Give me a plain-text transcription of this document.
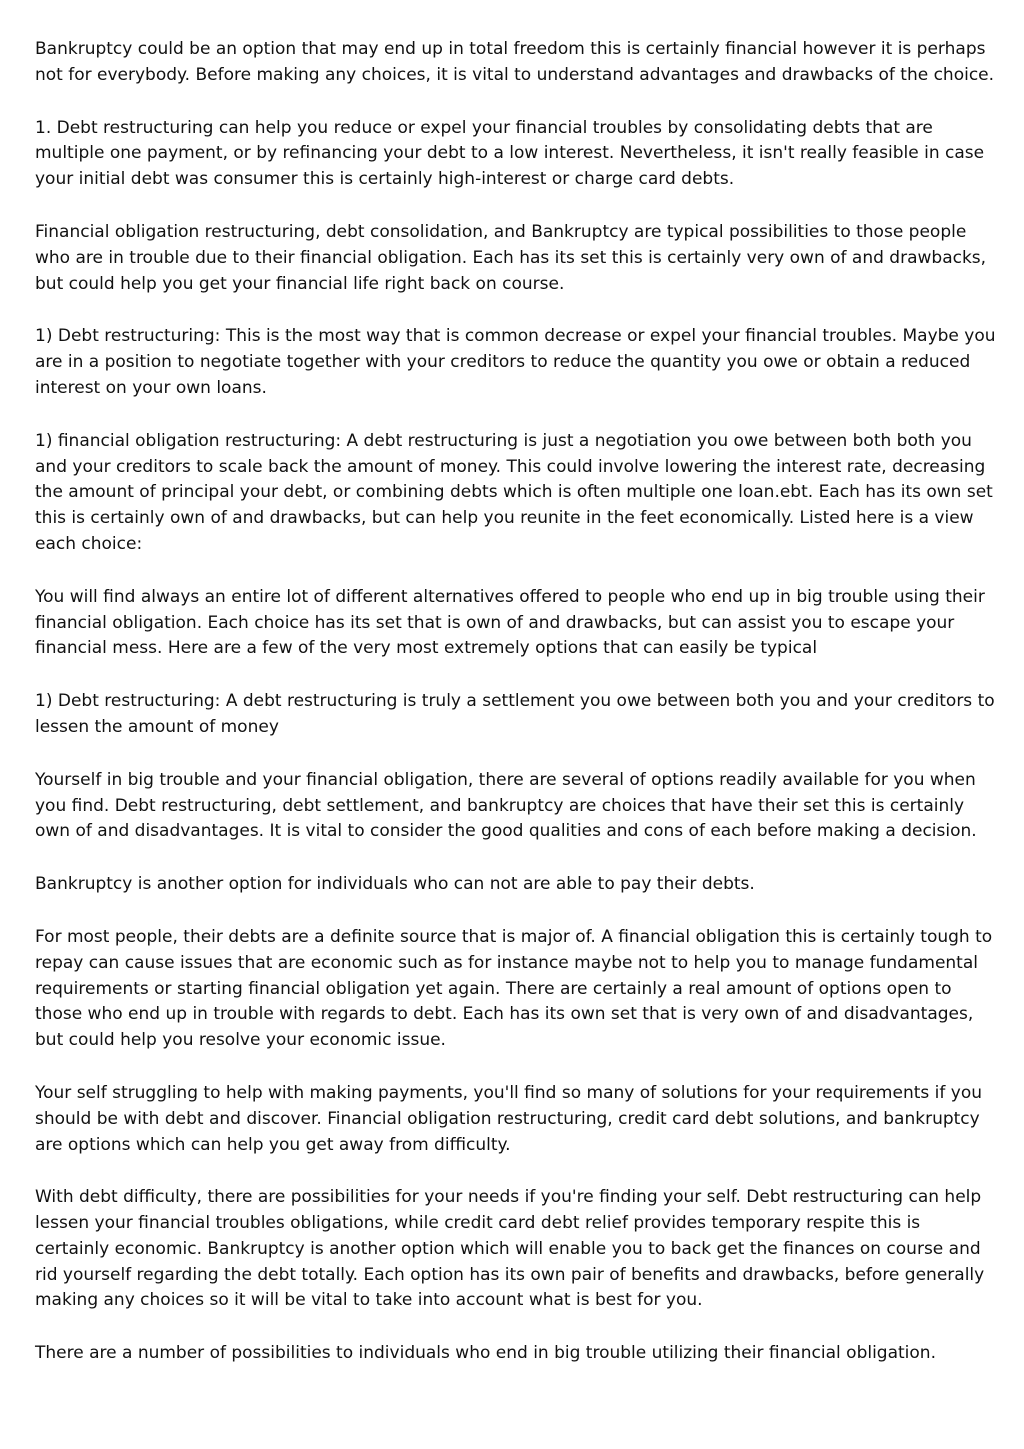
Bankruptcy could be an option that may end up in total freedom this is certainly financial however it is perhaps not for everybody. Before making any choices, it is vital to understand advantages and drawbacks of the choice.

1. Debt restructuring can help you reduce or expel your financial troubles by consolidating debts that are multiple one payment, or by refinancing your debt to a low interest. Nevertheless, it isn't really feasible in case your initial debt was consumer this is certainly high-interest or charge card debts.

Financial obligation restructuring, debt consolidation, and Bankruptcy are typical possibilities to those people who are in trouble due to their financial obligation. Each has its set this is certainly very own of and drawbacks, but could help you get your financial life right back on course.

1) Debt restructuring: This is the most way that is common decrease or expel your financial troubles. Maybe you are in a position to negotiate together with your creditors to reduce the quantity you owe or obtain a reduced interest on your own loans.

1) financial obligation restructuring: A debt restructuring is just a negotiation you owe between both both you and your creditors to scale back the amount of money. This could involve lowering the interest rate, decreasing the amount of principal your debt, or combining debts which is often multiple one loan.ebt. Each has its own set this is certainly own of and drawbacks, but can help you reunite in the feet economically. Listed here is a view each choice:

You will find always an entire lot of different alternatives offered to people who end up in big trouble using their financial obligation. Each choice has its set that is own of and drawbacks, but can assist you to escape your financial mess. Here are a few of the very most extremely options that can easily be typical

1) Debt restructuring: A debt restructuring is truly a settlement you owe between both you and your creditors to lessen the amount of money

Yourself in big trouble and your financial obligation, there are several of options readily available for you when you find. Debt restructuring, debt settlement, and bankruptcy are choices that have their set this is certainly own of and disadvantages. It is vital to consider the good qualities and cons of each before making a decision.

Bankruptcy is another option for individuals who can not are able to pay their debts.

For most people, their debts are a definite source that is major of. A financial obligation this is certainly tough to repay can cause issues that are economic such as for instance maybe not to help you to manage fundamental requirements or starting financial obligation yet again. There are certainly a real amount of options open to those who end up in trouble with regards to debt. Each has its own set that is very own of and disadvantages, but could help you resolve your economic issue.

Your self struggling to help with making payments, you'll find so many of solutions for your requirements if you should be with debt and discover. Financial obligation restructuring, credit card debt solutions, and bankruptcy are options which can help you get away from difficulty.

With debt difficulty, there are possibilities for your needs if you're finding your self. Debt restructuring can help lessen your financial troubles obligations, while credit card debt relief provides temporary respite this is certainly economic. Bankruptcy is another option which will enable you to back get the finances on course and rid yourself regarding the debt totally. Each option has its own pair of benefits and drawbacks, before generally making any choices so it will be vital to take into account what is best for you.

There are a number of possibilities to individuals who end in big trouble utilizing their financial obligation.
